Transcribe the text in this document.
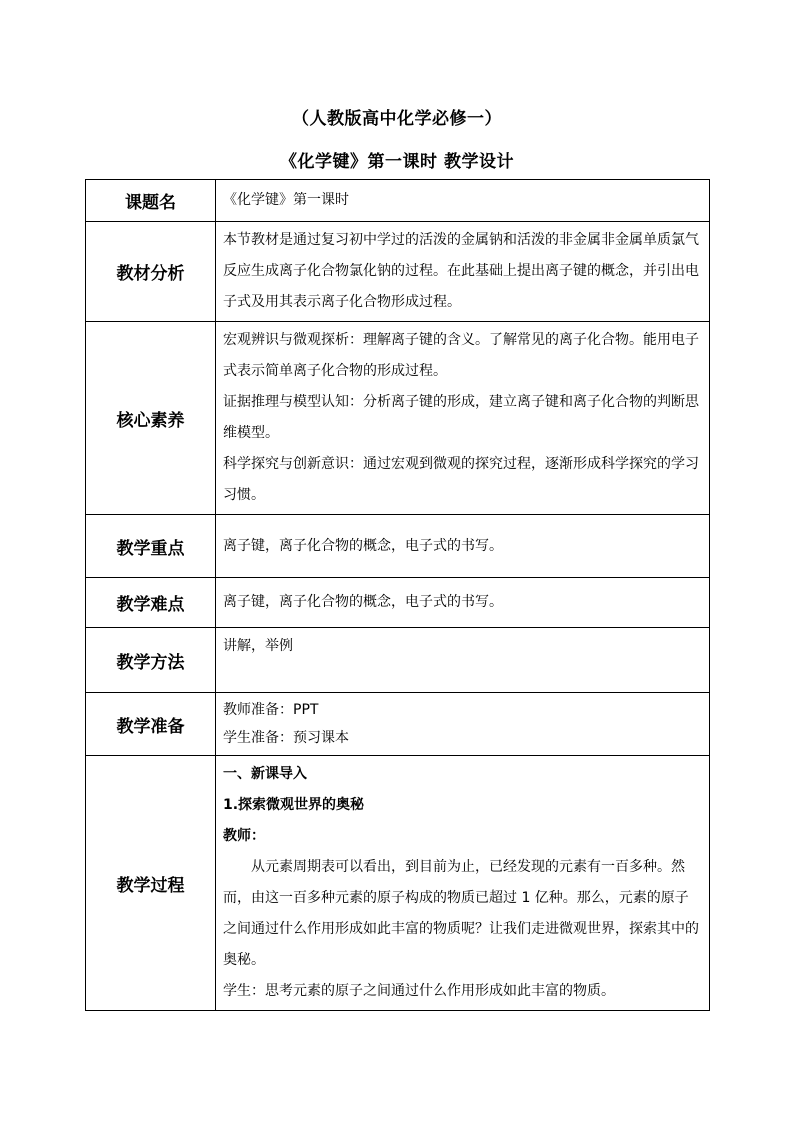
（人教版高中化学必修一）
《化学键》第一课时 教学设计
课题名	《化学键》第一课时
教材分析	本节教材是通过复习初中学过的活泼的金属钠和活泼的非金属非金属单质氯气反应生成离子化合物氯化钠的过程。在此基础上提出离子键的概念，并引出电子式及用其表示离子化合物形成过程。
核心素养	宏观辨识与微观探析：理解离子键的含义。了解常见的离子化合物。能用电子式表示简单离子化合物的形成过程。

证据推理与模型认知：分析离子键的形成，建立离子键和离子化合物的判断思维模型。

科学探究与创新意识：通过宏观到微观的探究过程，逐渐形成科学探究的学习习惯。

教学重点	离子键，离子化合物的概念，电子式的书写。
教学难点	离子键，离子化合物的概念，电子式的书写。
教学方法	讲解，举例
教学准备	教师准备：PPT

学生准备：预习课本

教学过程	一、新课导入

1.探索微观世界的奥秘

教师：

从元素周期表可以看出，到目前为止，已经发现的元素有一百多种。然而，由这一百多种元素的原子构成的物质已超过 1 亿种。那么，元素的原子之间通过什么作用形成如此丰富的物质呢？让我们走进微观世界，探索其中的奥秘。

学生：思考元素的原子之间通过什么作用形成如此丰富的物质。
